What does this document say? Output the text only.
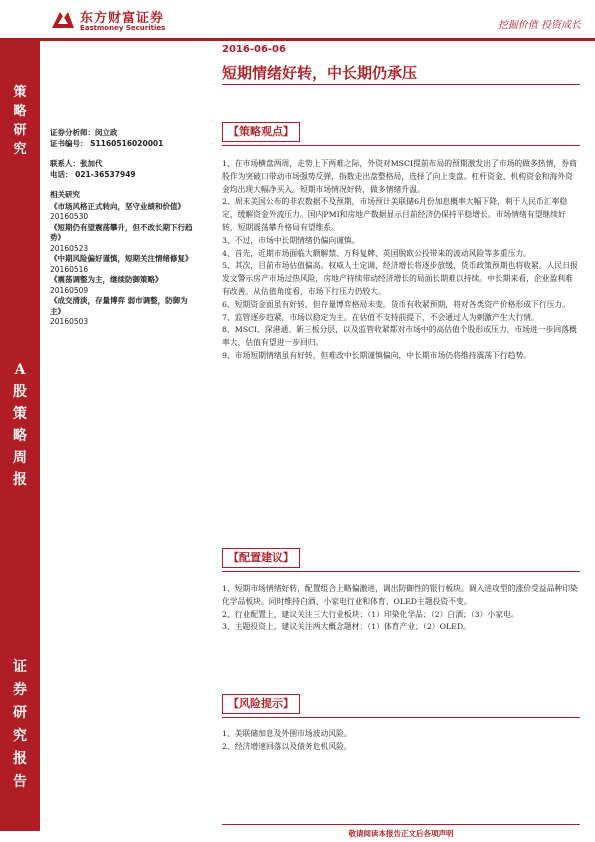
东方财富证券
Eastmoney Securities	挖掘价值 投资成长
策略研究
A股策略周报
证券研究报告
证券分析师：闵立政
证书编号： S1160516020001
联系人：张加代
电话： 021-36537949
相关研究
《市场风格正式转向，坚守业绩和价值》
20160530
《短期仍有望震荡攀升，但不改长期下行趋势》
20160523
《中期风险偏好谨慎，短期关注情绪修复》
20160516
《震荡调整为主，继续防御策略》
20160509
《成交清淡，存量博弈 弱市调整，防御为主》
20160503
2016-06-06
短期情绪好转，中长期仍承压
【策略观点】

1、在市场横盘两周，走势上下两难之际，外资对MSCI提前布局的预期激发出了市场的做多热情，券商股作为突破口带动市场强势反弹，指数走出盘整格局，选择了向上变盘。杠杆资金、机构资金和海外资金均出现大幅净买入。短期市场情况好转，做多情绪升温。

2、周末美国公布的非农数据不及预期，市场预计美联储6月份加息概率大幅下降，利于人民币汇率稳定，缓解资金外流压力。国内PMI和房地产数据显示目前经济仍保持平稳增长。市场情绪有望继续好转，短期震荡攀升格局有望维系。

3、不过，市场中长期情绪仍偏向谨慎。

4、首先，近期市场面临大额解禁、万科复牌、英国脱欧公投带来的波动风险等多重压力。

5、其次，目前市场估值偏高。权威人士定调，经济增长将逐步放缓，货币政策预期也将收紧。人民日报发文警示房产市场过热风险，房地产持续带动经济增长的局面长期难以持续。中长期来看，企业盈利难有改善。从估值角度看，市场下行压力仍较大。

6、短期资金面虽有好转，但存量博弈格局未变。货币有收紧预期，将对各类资产价格形成下行压力。

7、监管逐步趋紧，市场以稳定为主。在估值不支持前提下，不会通过人为刺激产生大行情。

8、MSCI、深港通、新三板分层，以及监管收紧都对市场中的高估值个股形成压力，市场进一步回落概率大，估值有望进一步回归。

9、市场短期情绪虽有好转，但难改中长期谨慎偏向，中长期市场仍将维持震荡下行趋势。

【配置建议】

1、短期市场情绪好转，配置组合上略偏激进，调出防御性的银行板块。调入进攻型的涨价受益品种印染化学品板块。同时维持白酒、小家电行业和体育、OLED主题投资不变。

2、行业配置上，建议关注三大行业板块：（1）印染化学品；（2）白酒；（3）小家电。

3、主题投资上，建议关注两大概念题材：（1）体育产业；（2）OLED。

【风险提示】

1、美联储加息及外围市场波动风险。

2、经济增速回落以及债务危机风险。

敬请阅读本报告正文后各项声明
